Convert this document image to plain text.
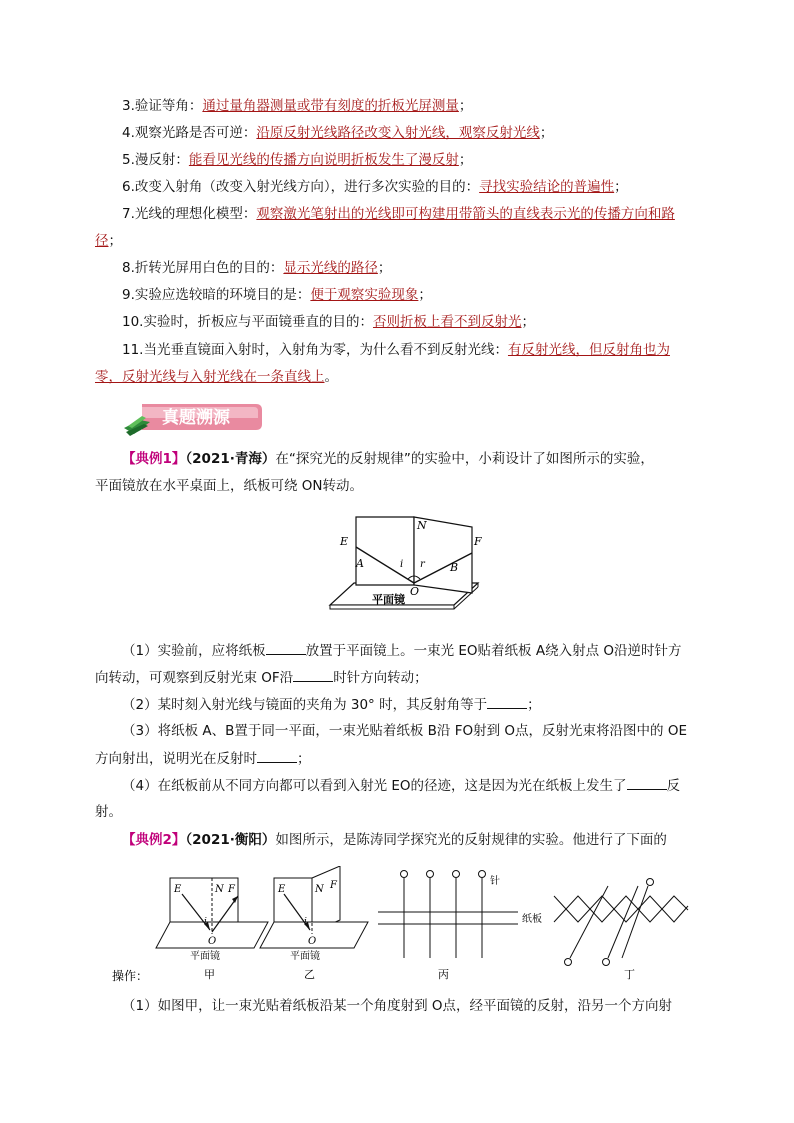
3.验证等角：通过量角器测量或带有刻度的折板光屏测量；
4.观察光路是否可逆：沿原反射光线路径改变入射光线，观察反射光线；
5.漫反射：能看见光线的传播方向说明折板发生了漫反射；
6.改变入射角（改变入射光线方向），进行多次实验的目的：寻找实验结论的普遍性；
7.光线的理想化模型：观察激光笔射出的光线即可构建用带箭头的直线表示光的传播方向和路
径；
8.折转光屏用白色的目的：显示光线的路径；
9.实验应选较暗的环境目的是：便于观察实验现象；
10.实验时，折板应与平面镜垂直的目的：否则折板上看不到反射光；
11.当光垂直镜面入射时，入射角为零，为什么看不到反射光线：有反射光线，但反射角也为
零，反射光线与入射光线在一条直线上。
真题溯源
【典例1】（2021·青海）在“探究光的反射规律”的实验中，小莉设计了如图所示的实验，
平面镜放在水平桌面上，纸板可绕 ON转动。
E
N
F
A	B
i r
O
平面镜
（1）实验前，应将纸板	放置于平面镜上。一束光 EO贴着纸板 A绕入射点 O沿逆时针方
向转动，可观察到反射光束 OF沿	时针方向转动；
（2）某时刻入射光线与镜面的夹角为 30° 时，其反射角等于	；
（3）将纸板 A、B置于同一平面，一束光贴着纸板 B沿 FO射到 O点，反射光束将沿图中的 OE
方向射出，说明光在反射时	；
（4）在纸板前从不同方向都可以看到入射光 EO的径迹，这是因为光在纸板上发生了	反
射。
【典例2】（2021·衡阳）如图所示，是陈涛同学探究光的反射规律的实验。他进行了下面的
E	N F
i
O
平面镜
甲
E	N F
i
O
平面镜
乙
针
纸板
丙	丁
操作：
（1）如图甲，让一束光贴着纸板沿某一个角度射到 O点，经平面镜的反射，沿另一个方向射
